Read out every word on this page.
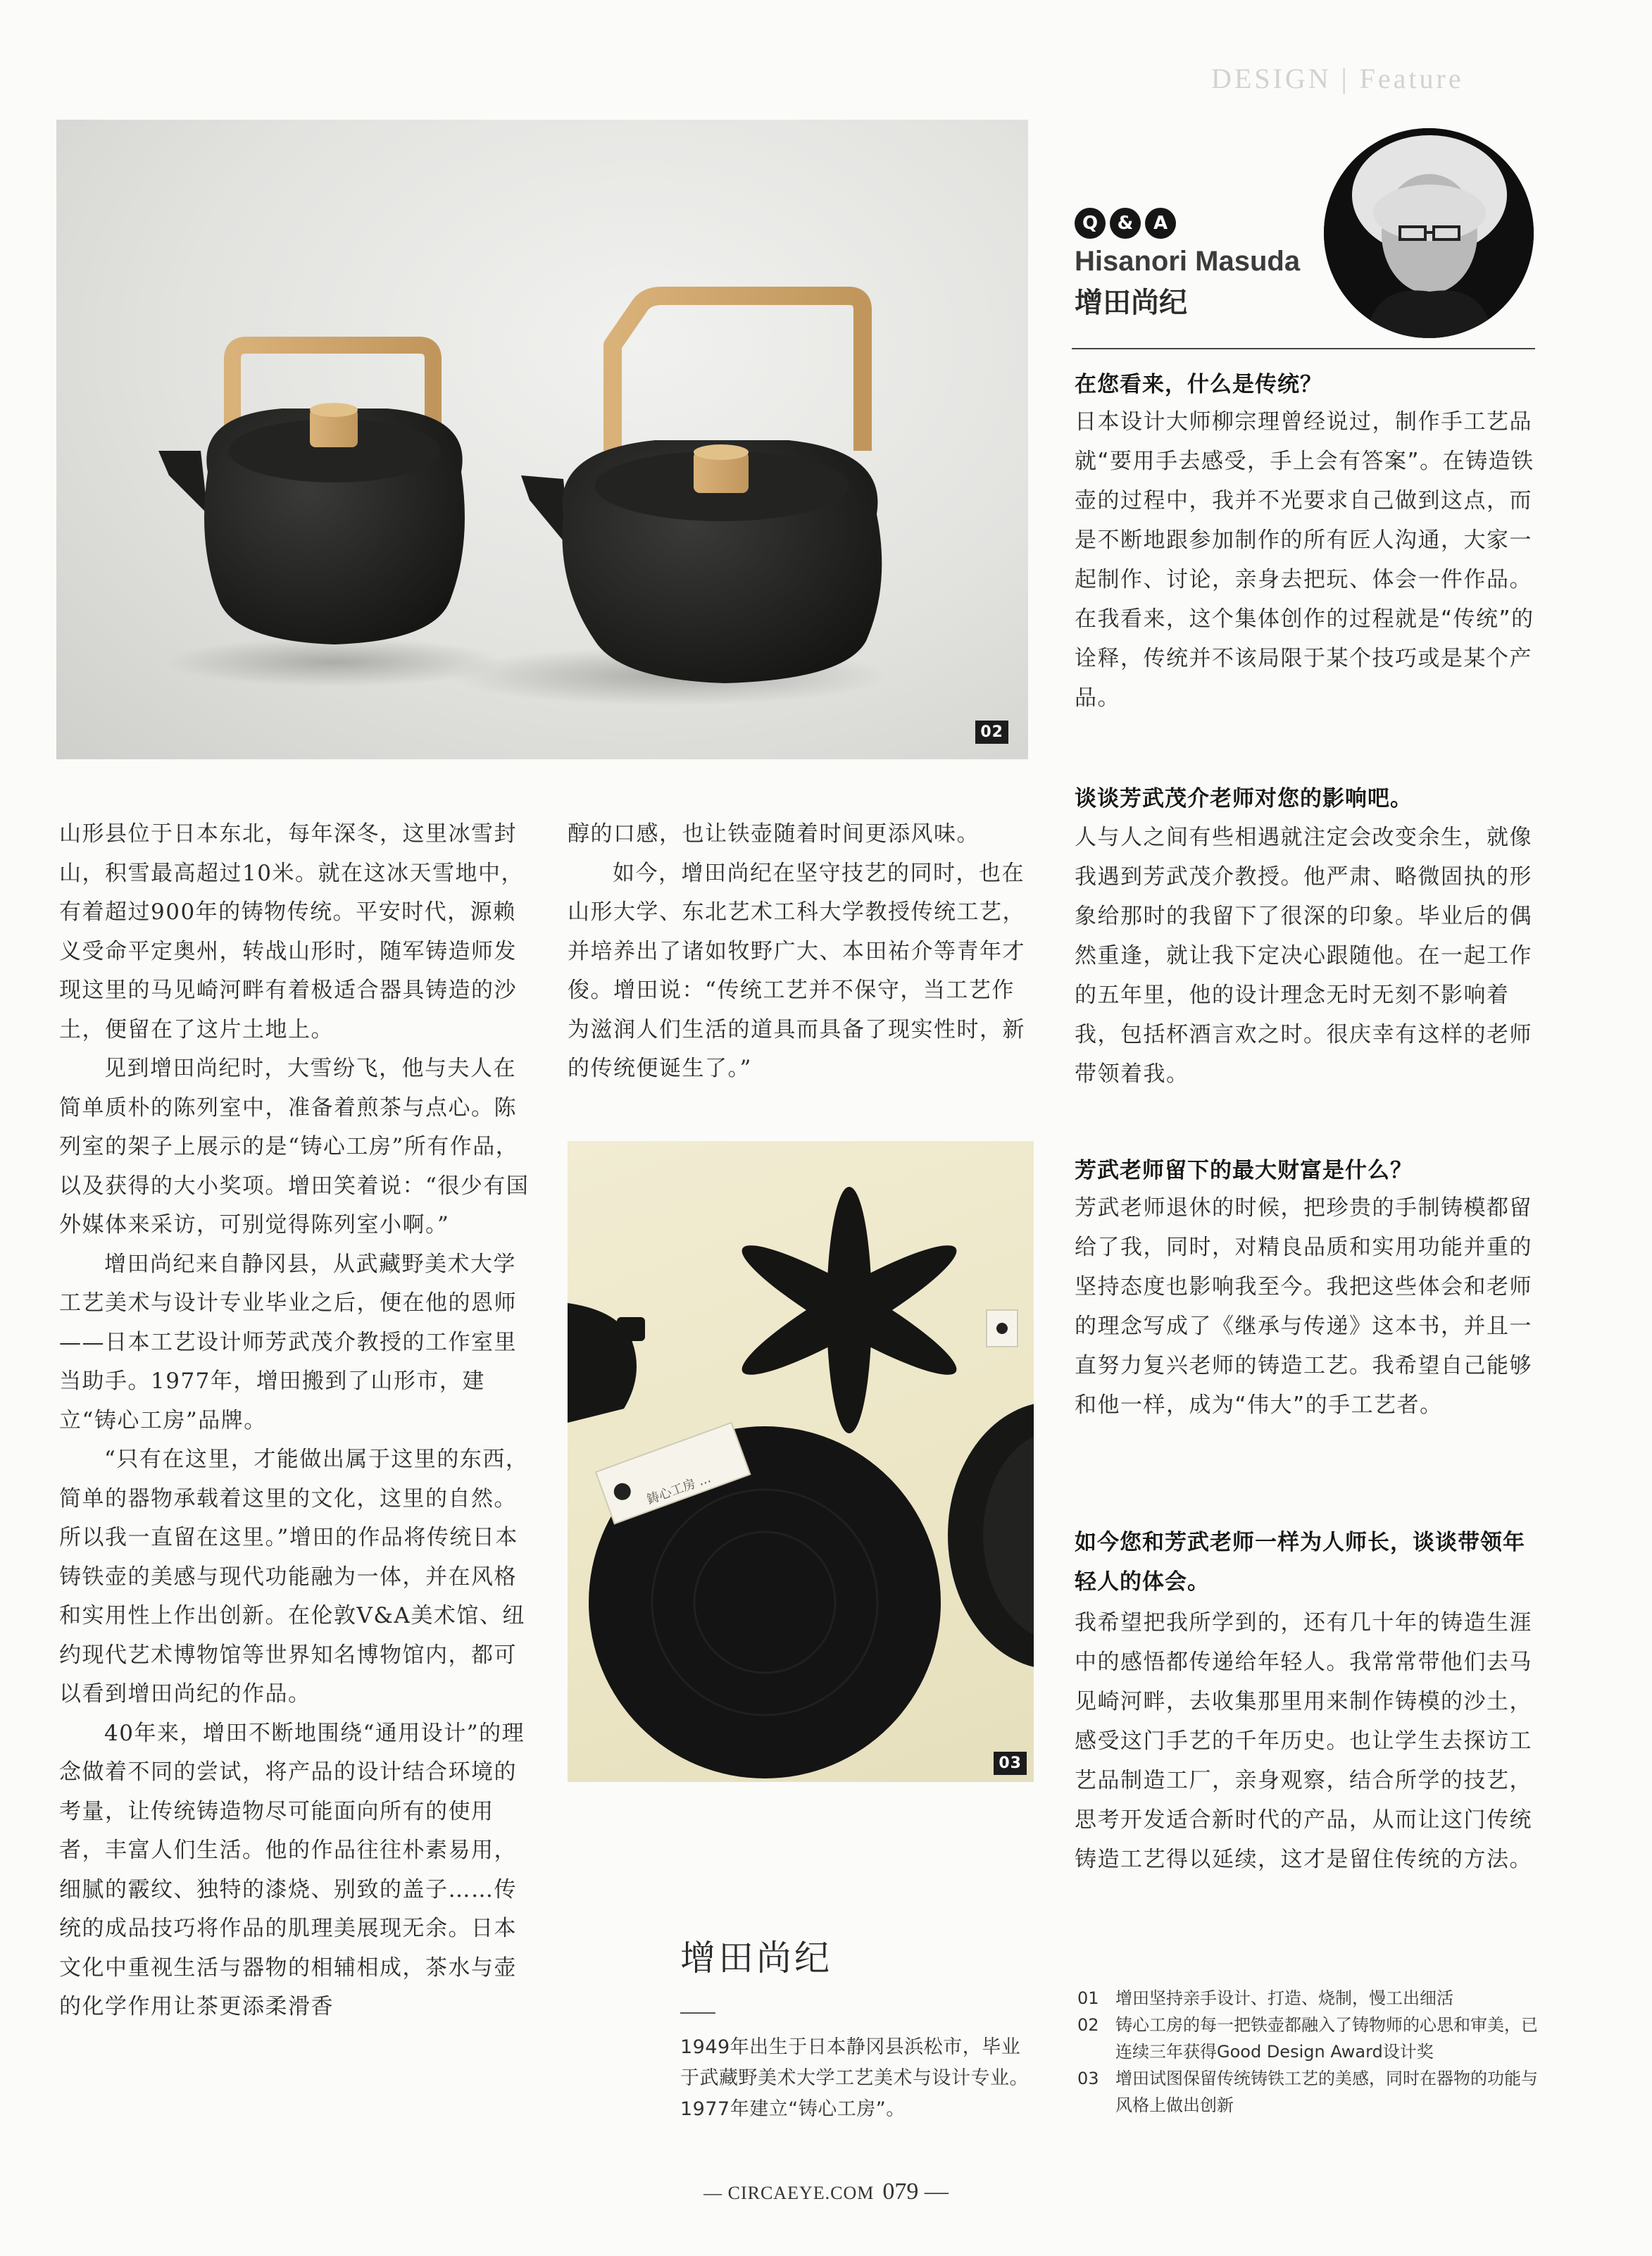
DESIGN | Feature
02
Q & A
Hisanori Masuda
增田尚纪

在您看来，什么是传统？

日本设计大师柳宗理曾经说过，制作手工艺品就“要用手去感受，手上会有答案”。在铸造铁壶的过程中，我并不光要求自己做到这点，而是不断地跟参加制作的所有匠人沟通，大家一起制作、讨论，亲身去把玩、体会一件作品。在我看来，这个集体创作的过程就是“传统”的诠释，传统并不该局限于某个技巧或是某个产品。

谈谈芳武茂介老师对您的影响吧。

人与人之间有些相遇就注定会改变余生，就像我遇到芳武茂介教授。他严肃、略微固执的形象给那时的我留下了很深的印象。毕业后的偶然重逢，就让我下定决心跟随他。在一起工作的五年里，他的设计理念无时无刻不影响着我，包括杯酒言欢之时。很庆幸有这样的老师带领着我。

芳武老师留下的最大财富是什么？

芳武老师退休的时候，把珍贵的手制铸模都留给了我，同时，对精良品质和实用功能并重的坚持态度也影响我至今。我把这些体会和老师的理念写成了《继承与传递》这本书，并且一直努力复兴老师的铸造工艺。我希望自己能够和他一样，成为“伟大”的手工艺者。

如今您和芳武老师一样为人师长，谈谈带领年轻人的体会。

我希望把我所学到的，还有几十年的铸造生涯中的感悟都传递给年轻人。我常常带他们去马见崎河畔，去收集那里用来制作铸模的沙土，感受这门手艺的千年历史。也让学生去探访工艺品制造工厂，亲身观察，结合所学的技艺，思考开发适合新时代的产品，从而让这门传统铸造工艺得以延续，这才是留住传统的方法。

山形县位于日本东北，每年深冬，这里冰雪封山，积雪最高超过10米。就在这冰天雪地中，有着超过900年的铸物传统。平安时代，源赖义受命平定奥州，转战山形时，随军铸造师发现这里的马见崎河畔有着极适合器具铸造的沙土，便留在了这片土地上。

见到增田尚纪时，大雪纷飞，他与夫人在简单质朴的陈列室中，准备着煎茶与点心。陈列室的架子上展示的是“铸心工房”所有作品，以及获得的大小奖项。增田笑着说：“很少有国外媒体来采访，可别觉得陈列室小啊。”

增田尚纪来自静冈县，从武藏野美术大学工艺美术与设计专业毕业之后，便在他的恩师——日本工艺设计师芳武茂介教授的工作室里当助手。1977年，增田搬到了山形市，建立“铸心工房”品牌。

“只有在这里，才能做出属于这里的东西，简单的器物承载着这里的文化，这里的自然。所以我一直留在这里。”增田的作品将传统日本铸铁壶的美感与现代功能融为一体，并在风格和实用性上作出创新。在伦敦V&A美术馆、纽约现代艺术博物馆等世界知名博物馆内，都可以看到增田尚纪的作品。

40年来，增田不断地围绕“通用设计”的理念做着不同的尝试，将产品的设计结合环境的考量，让传统铸造物尽可能面向所有的使用者，丰富人们生活。他的作品往往朴素易用，细腻的霰纹、独特的漆烧、别致的盖子……传统的成品技巧将作品的肌理美展现无余。日本文化中重视生活与器物的相辅相成，茶水与壶的化学作用让茶更添柔滑香

醇的口感，也让铁壶随着时间更添风味。

如今，增田尚纪在坚守技艺的同时，也在山形大学、东北艺术工科大学教授传统工艺，并培养出了诸如牧野广大、本田祐介等青年才俊。增田说：“传统工艺并不保守，当工艺作为滋润人们生活的道具而具备了现实性时，新的传统便诞生了。”

鋳心工房 ...
03
增田尚纪
1949年出生于日本静冈县浜松市，毕业于武藏野美术大学工艺美术与设计专业。1977年建立“铸心工房”。
01 增田坚持亲手设计、打造、烧制，慢工出细活
02 铸心工房的每一把铁壶都融入了铸物师的心思和审美，已连续三年获得Good Design Award设计奖
03 增田试图保留传统铸铁工艺的美感，同时在器物的功能与风格上做出创新
— CIRCAEYE.COM 079 —
